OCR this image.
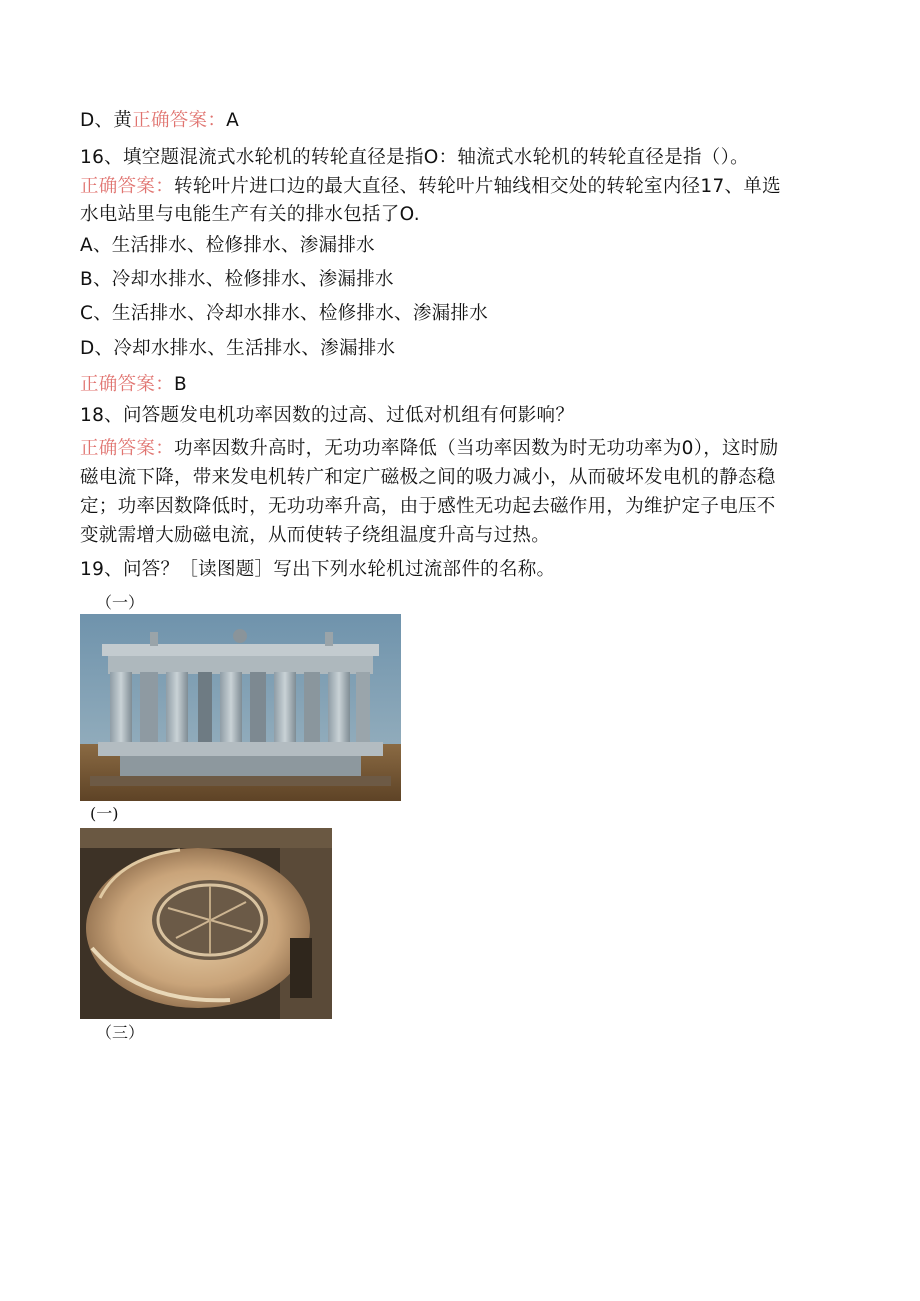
D、黄正确答案：A
16、填空题混流式水轮机的转轮直径是指O：轴流式水轮机的转轮直径是指（）。
正确答案：转轮叶片进口边的最大直径、转轮叶片轴线相交处的转轮室内径17、单选
水电站里与电能生产有关的排水包括了O.
A、生活排水、检修排水、渗漏排水
B、冷却水排水、检修排水、渗漏排水
C、生活排水、冷却水排水、检修排水、渗漏排水
D、冷却水排水、生活排水、渗漏排水
正确答案：B
18、问答题发电机功率因数的过高、过低对机组有何影响？
正确答案：功率因数升高时，无功功率降低（当功率因数为时无功功率为0），这时励
磁电流下降，带来发电机转广和定广磁极之间的吸力减小，从而破坏发电机的静态稳
定；功率因数降低时，无功功率升高，由于感性无功起去磁作用，为维护定子电压不
变就需增大励磁电流，从而使转子绕组温度升高与过热。
19、问答？［读图题］写出下列水轮机过流部件的名称。
（一）
(一)
（三）
